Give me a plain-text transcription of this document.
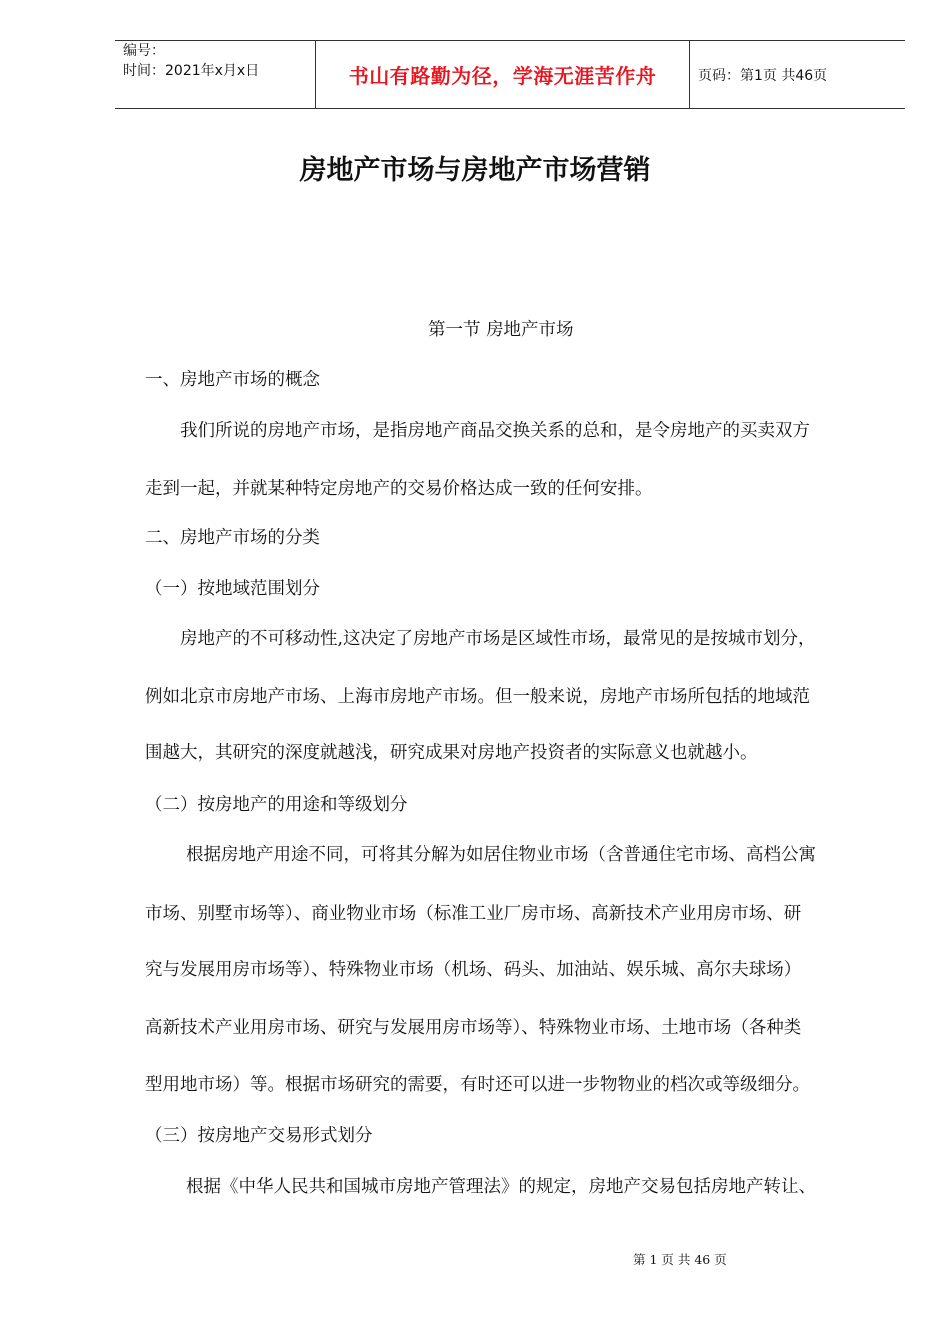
编号：
时间：2021年x月x日	书山有路勤为径，学海无涯苦作舟	页码：第1页 共46页
房地产市场与房地产市场营销
第一节 房地产市场
一、房地产市场的概念
我们所说的房地产市场，是指房地产商品交换关系的总和，是令房地产的买卖双方
走到一起，并就某种特定房地产的交易价格达成一致的任何安排。
二、房地产市场的分类
（一）按地域范围划分
房地产的不可移动性,这决定了房地产市场是区域性市场，最常见的是按城市划分，
例如北京市房地产市场、上海市房地产市场。但一般来说，房地产市场所包括的地域范
围越大，其研究的深度就越浅，研究成果对房地产投资者的实际意义也就越小。
（二）按房地产的用途和等级划分
根据房地产用途不同，可将其分解为如居住物业市场（含普通住宅市场、高档公寓
市场、别墅市场等）、商业物业市场（标准工业厂房市场、高新技术产业用房市场、研
究与发展用房市场等）、特殊物业市场（机场、码头、加油站、娱乐城、高尔夫球场）
高新技术产业用房市场、研究与发展用房市场等）、特殊物业市场、土地市场（各种类
型用地市场）等。根据市场研究的需要，有时还可以进一步物物业的档次或等级细分。
（三）按房地产交易形式划分
根据《中华人民共和国城市房地产管理法》的规定，房地产交易包括房地产转让、
第 1 页 共 46 页
